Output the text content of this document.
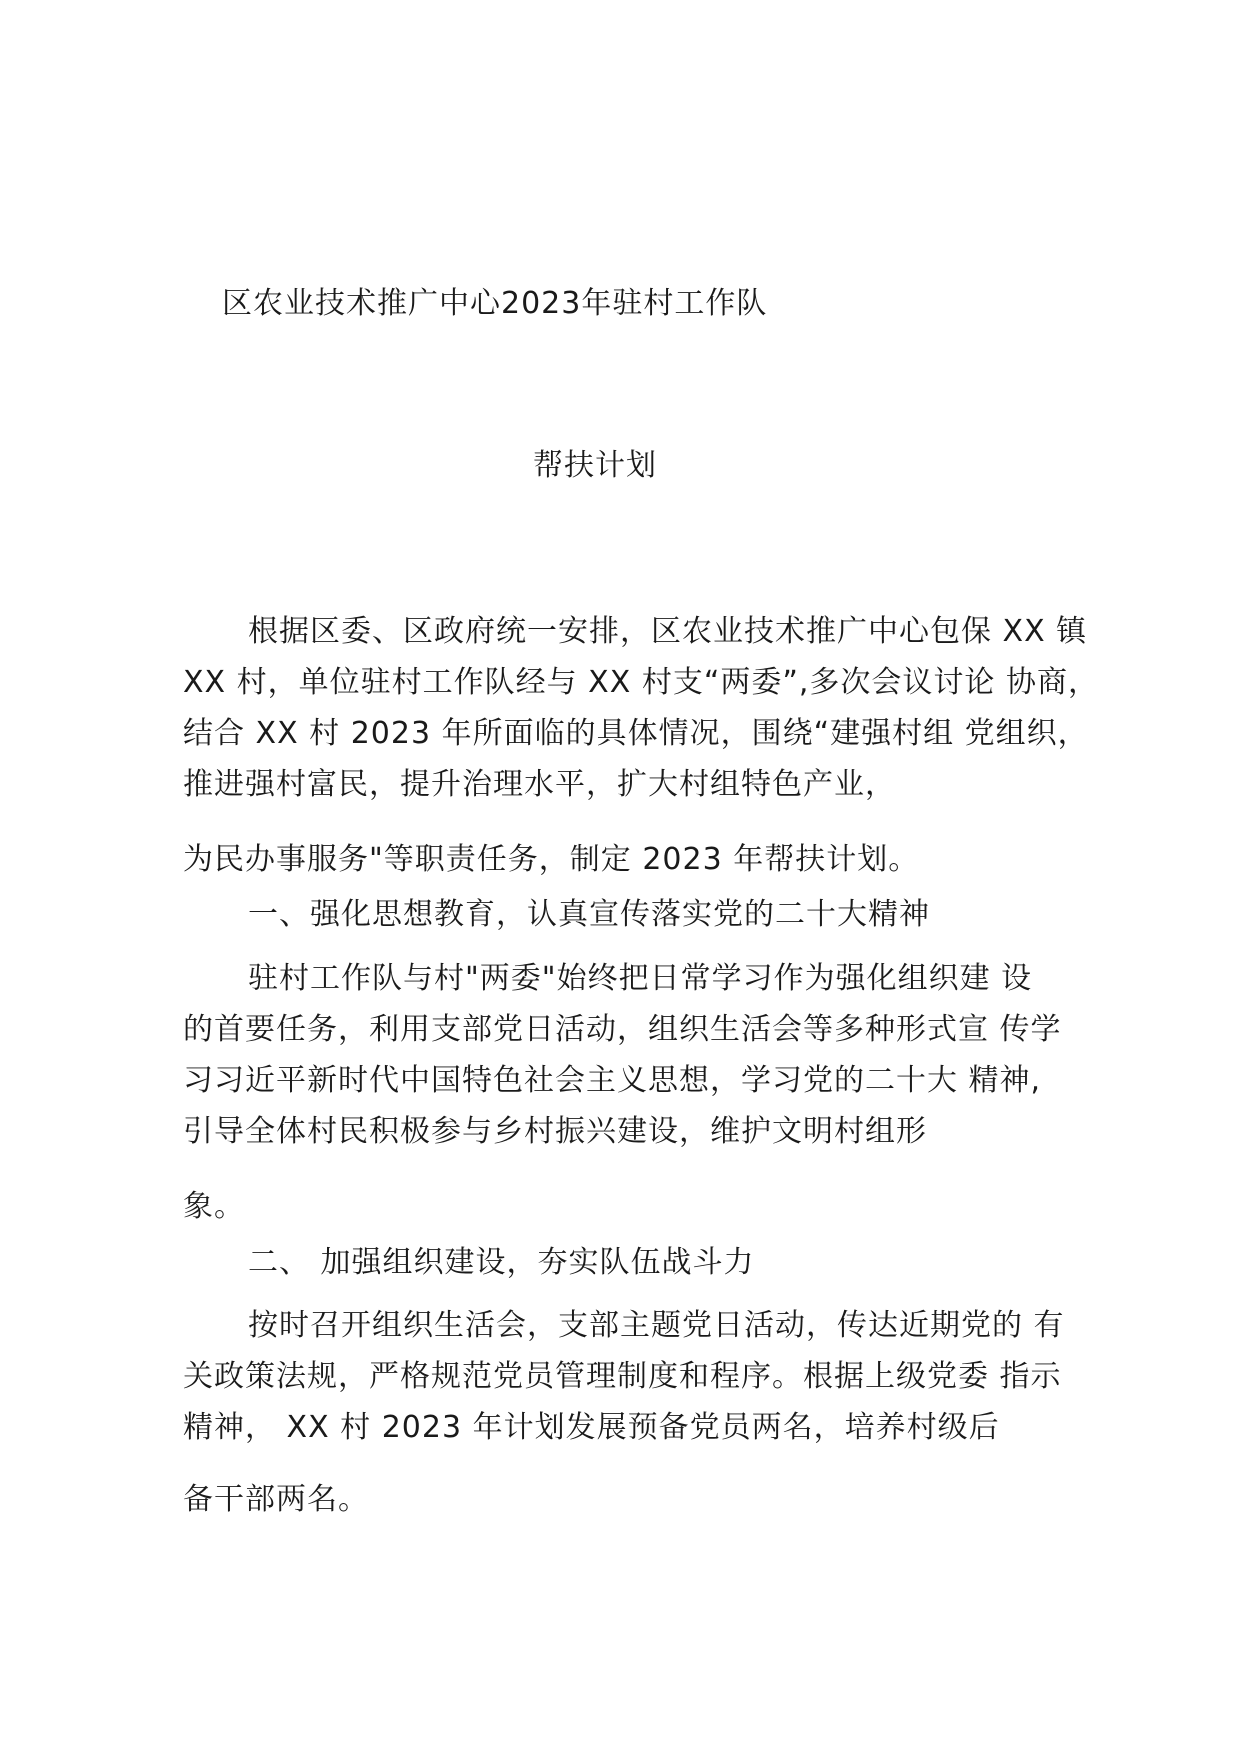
区农业技术推广中心2023年驻村工作队
帮扶计划
根据区委、区政府统一安排，区农业技术推广中心包保 XX 镇
XX 村，单位驻村工作队经与 XX 村支“两委”,多次会议讨论 协商，
结合 XX 村 2023 年所面临的具体情况，围绕“建强村组 党组织，
推进强村富民，提升治理水平，扩大村组特色产业，
为民办事服务"等职责任务，制定 2023 年帮扶计划。
一、强化思想教育，认真宣传落实党的二十大精神
驻村工作队与村"两委"始终把日常学习作为强化组织建 设
的首要任务，利用支部党日活动，组织生活会等多种形式宣 传学
习习近平新时代中国特色社会主义思想，学习党的二十大 精神,
引导全体村民积极参与乡村振兴建设，维护文明村组形
象。
二、 加强组织建设，夯实队伍战斗力
按时召开组织生活会，支部主题党日活动，传达近期党的 有
关政策法规，严格规范党员管理制度和程序。根据上级党委 指示
精神， XX 村 2023 年计划发展预备党员两名，培养村级后
备干部两名。
